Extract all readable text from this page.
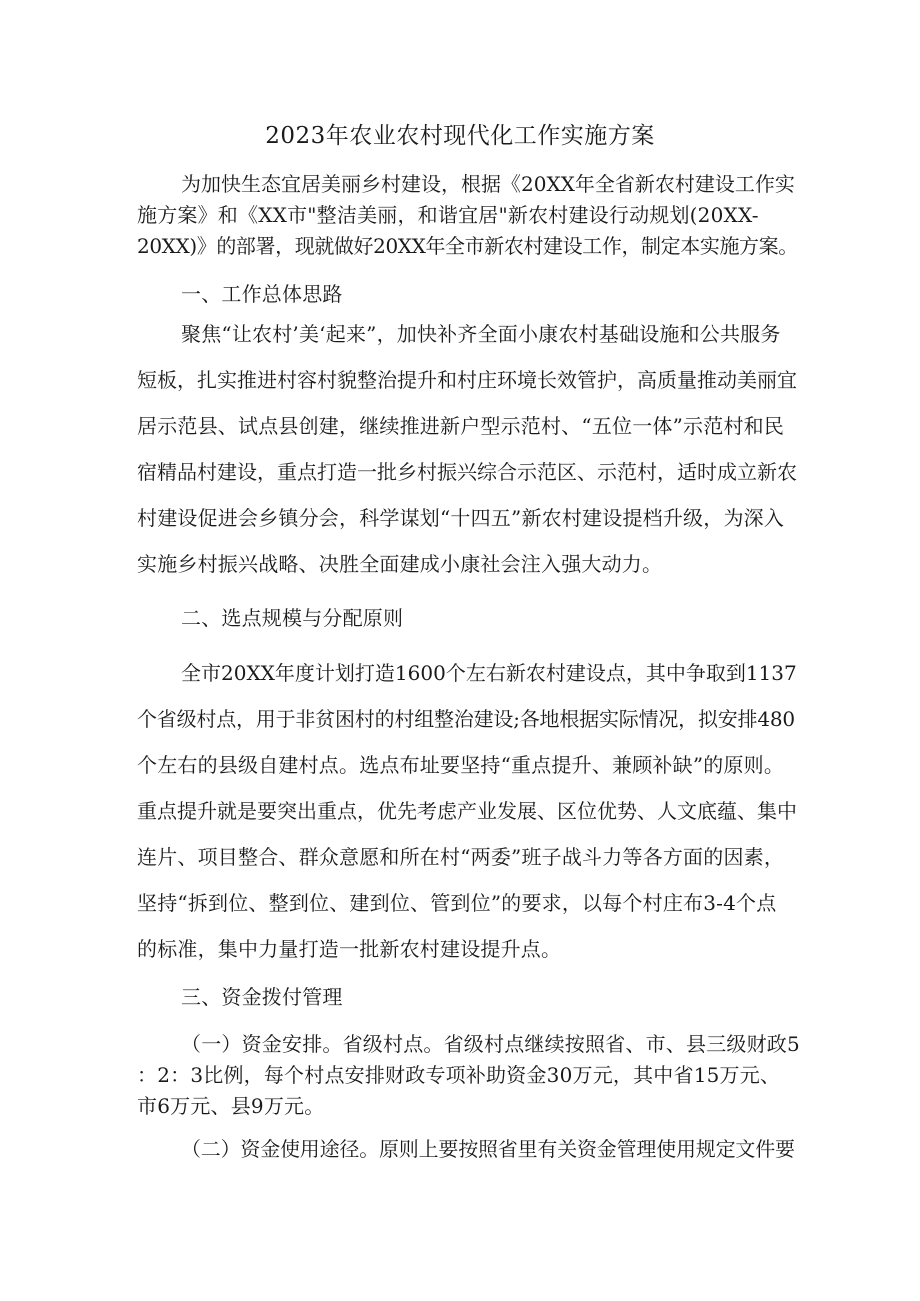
2023年农业农村现代化工作实施方案
为加快生态宜居美丽乡村建设，根据《20XX年全省新农村建设工作实
施方案》和《XX市"整洁美丽，和谐宜居"新农村建设行动规划(20XX-
20XX)》的部署，现就做好20XX年全市新农村建设工作，制定本实施方案。
一、工作总体思路
聚焦“让农村’美‘起来”，加快补齐全面小康农村基础设施和公共服务
短板，扎实推进村容村貌整治提升和村庄环境长效管护，高质量推动美丽宜
居示范县、试点县创建，继续推进新户型示范村、“五位一体”示范村和民
宿精品村建设，重点打造一批乡村振兴综合示范区、示范村，适时成立新农
村建设促进会乡镇分会，科学谋划“十四五”新农村建设提档升级，为深入
实施乡村振兴战略、决胜全面建成小康社会注入强大动力。
二、选点规模与分配原则
全市20XX年度计划打造1600个左右新农村建设点，其中争取到1137
个省级村点，用于非贫困村的村组整治建设;各地根据实际情况，拟安排480
个左右的县级自建村点。选点布址要坚持“重点提升、兼顾补缺”的原则。
重点提升就是要突出重点，优先考虑产业发展、区位优势、人文底蕴、集中
连片、项目整合、群众意愿和所在村“两委”班子战斗力等各方面的因素，
坚持“拆到位、整到位、建到位、管到位”的要求，以每个村庄布3-4个点
的标准，集中力量打造一批新农村建设提升点。
三、资金拨付管理
（一）资金安排。省级村点。省级村点继续按照省、市、县三级财政5
：2：3比例，每个村点安排财政专项补助资金30万元，其中省15万元、
市6万元、县9万元。
（二）资金使用途径。原则上要按照省里有关资金管理使用规定文件要
